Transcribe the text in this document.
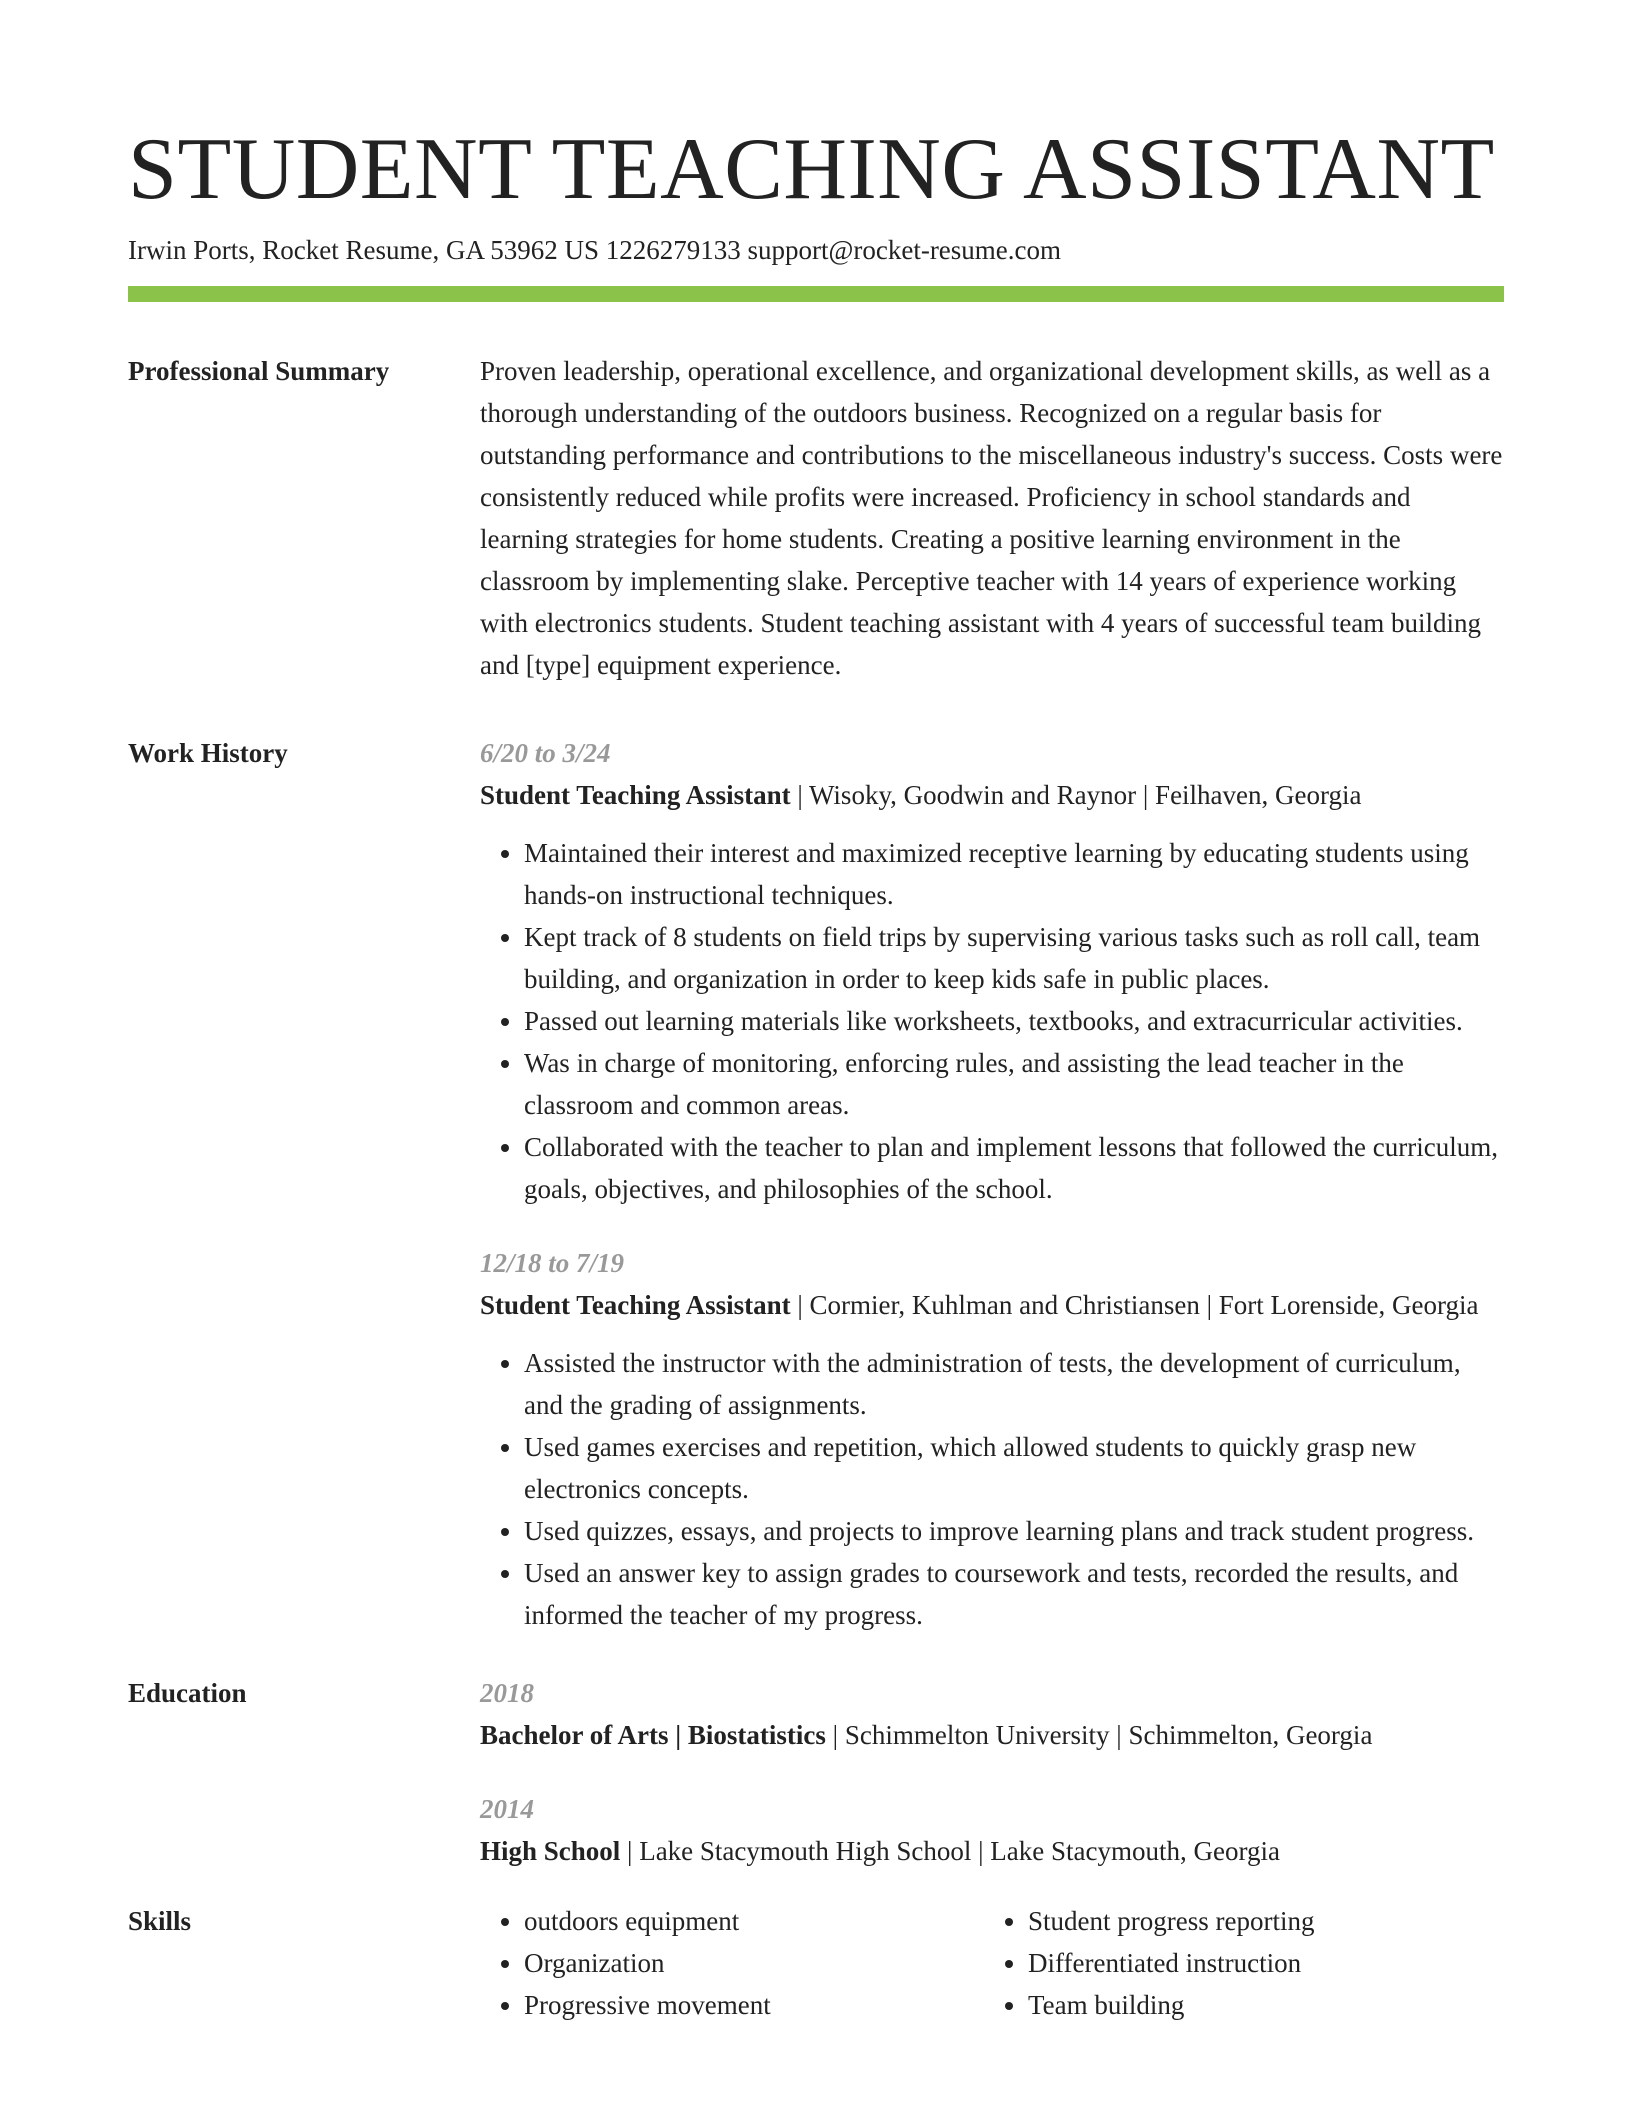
STUDENT TEACHING ASSISTANT
Irwin Ports, Rocket Resume, GA 53962 US 1226279133 support@rocket-resume.com
Professional Summary	Proven leadership, operational excellence, and organizational development skills, as well as a thorough understanding of the outdoors business. Recognized on a regular basis for outstanding performance and contributions to the miscellaneous industry's success. Costs were consistently reduced while profits were increased. Proficiency in school standards and learning strategies for home students. Creating a positive learning environment in the classroom by implementing slake. Perceptive teacher with 14 years of experience working with electronics students. Student teaching assistant with 4 years of successful team building and [type] equipment experience.

Work History	6/20 to 3/24
Student Teaching Assistant | Wisoky, Goodwin and Raynor | Feilhaven, Georgia
• Maintained their interest and maximized receptive learning by educating students using hands-on instructional techniques.
• Kept track of 8 students on field trips by supervising various tasks such as roll call, team building, and organization in order to keep kids safe in public places.
• Passed out learning materials like worksheets, textbooks, and extracurricular activities.
• Was in charge of monitoring, enforcing rules, and assisting the lead teacher in the classroom and common areas.
• Collaborated with the teacher to plan and implement lessons that followed the curriculum, goals, objectives, and philosophies of the school.
12/18 to 7/19
Student Teaching Assistant | Cormier, Kuhlman and Christiansen | Fort Lorenside, Georgia
• Assisted the instructor with the administration of tests, the development of curriculum, and the grading of assignments.
• Used games exercises and repetition, which allowed students to quickly grasp new electronics concepts.
• Used quizzes, essays, and projects to improve learning plans and track student progress.
• Used an answer key to assign grades to coursework and tests, recorded the results, and informed the teacher of my progress.
Education	2018
Bachelor of Arts | Biostatistics | Schimmelton University | Schimmelton, Georgia
2014
High School | Lake Stacymouth High School | Lake Stacymouth, Georgia
Skills
•	outdoors equipment
• Organization
• Progressive movement
• Student progress reporting
• Differentiated instruction
• Team building
